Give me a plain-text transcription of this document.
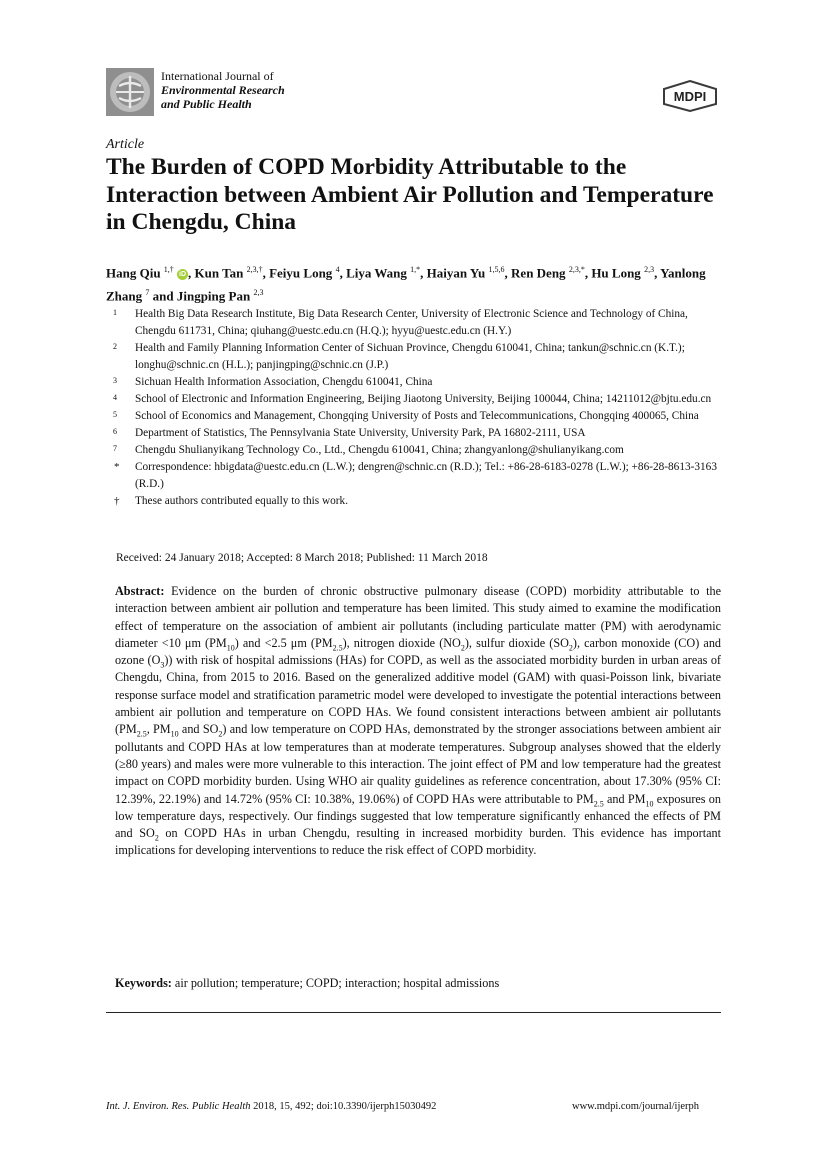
International Journal of
Environmental Research
and Public Health	MDPI
Article
The Burden of COPD Morbidity Attributable to the Interaction between Ambient Air Pollution and Temperature in Chengdu, China

Hang Qiu $^{1,\dagger}$ iD , Kun Tan $^{2,3,\dagger}$, Feiyu Long $^4$, Liya Wang $^{1,*}$, Haiyan Yu $^{1,5,6}$, Ren Deng $^{2,3,*}$, Hu Long $^{2,3}$, Yanlong Zhang $^7$ and Jingping Pan $^{2,3}$

1	Health Big Data Research Institute, Big Data Research Center, University of Electronic Science and Technology of China, Chengdu 611731, China; qiuhang@uestc.edu.cn (H.Q.); hyyu@uestc.edu.cn (H.Y.)
2	Health and Family Planning Information Center of Sichuan Province, Chengdu 610041, China; tankun@schnic.cn (K.T.); longhu@schnic.cn (H.L.); panjingping@schnic.cn (J.P.)
3	Sichuan Health Information Association, Chengdu 610041, China
4	School of Electronic and Information Engineering, Beijing Jiaotong University, Beijing 100044, China; 14211012@bjtu.edu.cn
5	School of Economics and Management, Chongqing University of Posts and Telecommunications, Chongqing 400065, China
6	Department of Statistics, The Pennsylvania State University, University Park, PA 16802-2111, USA
7	Chengdu Shulianyikang Technology Co., Ltd., Chengdu 610041, China; zhangyanlong@shulianyikang.com
*	Correspondence: hbigdata@uestc.edu.cn (L.W.); dengren@schnic.cn (R.D.); Tel.: +86-28-6183-0278 (L.W.); +86-28-8613-3163 (R.D.)
†	These authors contributed equally to this work.
Received: 24 January 2018; Accepted: 8 March 2018; Published: 11 March 2018

Abstract: Evidence on the burden of chronic obstructive pulmonary disease (COPD) morbidity attributable to the interaction between ambient air pollution and temperature has been limited. This study aimed to examine the modification effect of temperature on the association of ambient air pollutants (including particulate matter (PM) with aerodynamic diameter <10 μm $(PM_{10})$ and <2.5 μm $(PM_{2.5})$, nitrogen dioxide $(NO_2)$, sulfur dioxide $(SO_2)$, carbon monoxide (CO) and ozone $(O_3)$) with risk of hospital admissions (HAs) for COPD, as well as the associated morbidity burden in urban areas of Chengdu, China, from 2015 to 2016. Based on the generalized additive model (GAM) with quasi-Poisson link, bivariate response surface model and stratification parametric model were developed to investigate the potential interactions between ambient air pollution and temperature on COPD HAs. We found consistent interactions between ambient air pollutants ($PM_{2.5}$, $PM_{10}$ and $SO_2$) and low temperature on COPD HAs, demonstrated by the stronger associations between ambient air pollutants and COPD HAs at low temperatures than at moderate temperatures. Subgroup analyses showed that the elderly (≥80 years) and males were more vulnerable to this interaction. The joint effect of PM and low temperature had the greatest impact on COPD morbidity burden. Using WHO air quality guidelines as reference concentration, about 17.30% (95% CI: 12.39%, 22.19%) and 14.72% (95% CI: 10.38%, 19.06%) of COPD HAs were attributable to $PM_{2.5}$ and $PM_{10}$ exposures on low temperature days, respectively. Our findings suggested that low temperature significantly enhanced the effects of PM and $SO_2$ on COPD HAs in urban Chengdu, resulting in increased morbidity burden. This evidence has important implications for developing interventions to reduce the risk effect of COPD morbidity.

Keywords: air pollution; temperature; COPD; interaction; hospital admissions
Int. J. Environ. Res. Public Health 2018, 15, 492; doi:10.3390/ijerph15030492	www.mdpi.com/journal/ijerph
